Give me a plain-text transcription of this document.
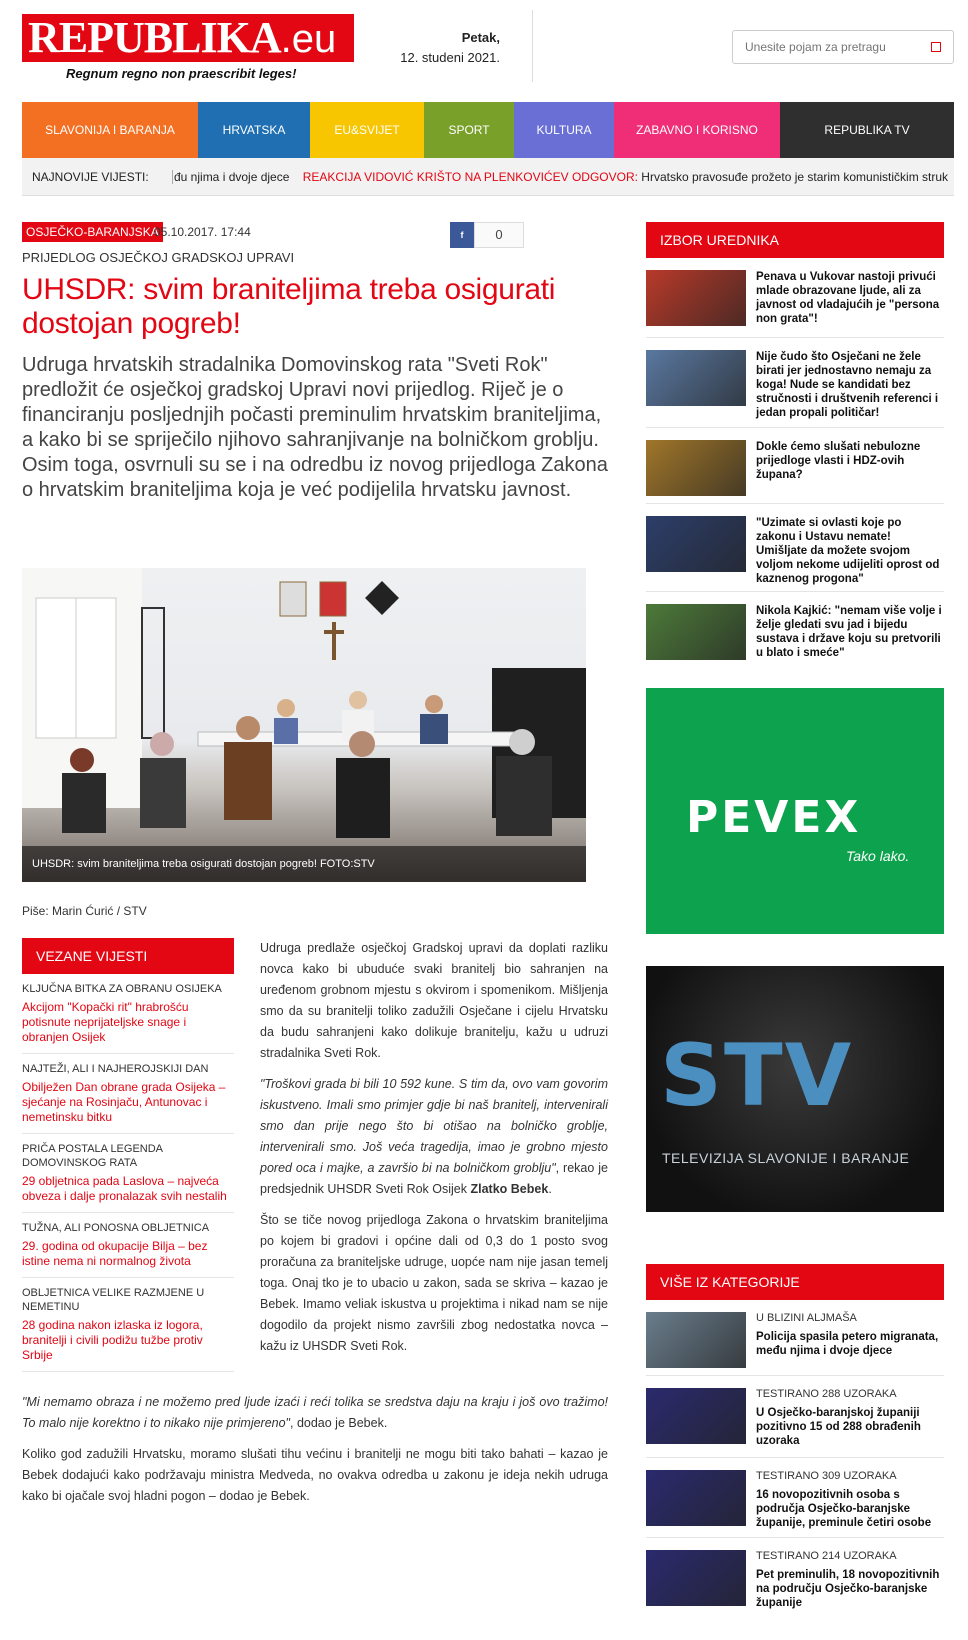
REPUBLIKA.eu
Regnum regno non praescribit leges!
Petak,
12. studeni 2021.
Unesite pojam za pretragu
SLAVONIJA I BARANJA	HRVATSKA	EU&SVIJET	SPORT	KULTURA	ZABAVNO I KORISNO	REPUBLIKA TV
NAJNOVIJE VIJESTI: đu njima i dvoje djece REAKCIJA VIDOVIĆ KRIŠTO NA PLENKOVIĆEV ODGOVOR: Hrvatsko pravosuđe prožeto je starim komunističkim struk
OSJEČKO-BARANJSKA
05.10.2017. 17:44	f	0
PRIJEDLOG OSJEČKOJ GRADSKOJ UPRAVI
UHSDR: svim braniteljima treba osigurati dostojan pogreb!
Udruga hrvatskih stradalnika Domovinskog rata "Sveti Rok" predložit će osječkoj gradskoj Upravi novi prijedlog. Riječ je o financiranju posljednjih počasti preminulim hrvatskim braniteljima, a kako bi se spriječilo njihovo sahranjivanje na bolničkom groblju. Osim toga, osvrnuli su se i na odredbu iz novog prijedloga Zakona o hrvatskim braniteljima koja je već podijelila hrvatsku javnost.
UHSDR: svim braniteljima treba osigurati dostojan pogreb! FOTO:STV
Piše: Marin Ćurić / STV
VEZANE VIJESTI
KLJUČNA BITKA ZA OBRANU OSIJEKA
Akcijom "Kopački rit" hrabrošću potisnute neprijateljske snage i obranjen Osijek
NAJTEŽI, ALI I NAJHEROJSKIJI DAN
Obilježen Dan obrane grada Osijeka – sjećanje na Rosinjaču, Antunovac i nemetinsku bitku
PRIČA POSTALA LEGENDA DOMOVINSKOG RATA
29 obljetnica pada Laslova – najveća obveza i dalje pronalazak svih nestalih
TUŽNA, ALI PONOSNA OBLJETNICA
29. godina od okupacije Bilja – bez istine nema ni normalnog života
OBLJETNICA VELIKE RAZMJENE U NEMETINU
28 godina nakon izlaska iz logora, branitelji i civili podižu tužbe protiv Srbije

Udruga predlaže osječkoj Gradskoj upravi da doplati razliku novca kako bi ubuduće svaki branitelj bio sahranjen na uređenom grobnom mjestu s okvirom i spomenikom. Mišljenja smo da su branitelji toliko zadužili Osječane i cijelu Hrvatsku da budu sahranjeni kako dolikuje branitelju, kažu u udruzi stradalnika Sveti Rok.

"Troškovi grada bi bili 10 592 kune. S tim da, ovo vam govorim iskustveno. Imali smo primjer gdje bi naš branitelj, intervenirali smo dan prije nego što bi otišao na bolničko groblje, intervenirali smo. Još veća tragedija, imao je grobno mjesto pored oca i majke, a završio bi na bolničkom groblju", rekao je predsjednik UHSDR Sveti Rok Osijek Zlatko Bebek.

Što se tiče novog prijedloga Zakona o hrvatskim braniteljima po kojem bi gradovi i općine dali od 0,3 do 1 posto svog proračuna za braniteljske udruge, uopće nam nije jasan temelj toga. Onaj tko je to ubacio u zakon, sada se skriva – kazao je Bebek. Imamo veliak iskustva u projektima i nikad nam se nije dogodilo da projekt nismo završili zbog nedostatka novca – kažu iz UHSDR Sveti Rok.

"Mi nemamo obraza i ne možemo pred ljude izaći i reći tolika se sredstva daju na kraju i još ovo tražimo! To malo nije korektno i to nikako nije primjereno", dodao je Bebek.

Koliko god zadužili Hrvatsku, moramo slušati tihu većinu i branitelji ne mogu biti tako bahati – kazao je Bebek dodajući kako podržavaju ministra Medveda, no ovakva odredba u zakonu je ideja nekih udruga kako bi ojačale svoj hladni pogon – dodao je Bebek.

IZBOR UREDNIKA
Penava u Vukovar nastoji privući mlade obrazovane ljude, ali za javnost od vladajućih je "persona non grata"!
Nije čudo što Osječani ne žele birati jer jednostavno nemaju za koga! Nude se kandidati bez stručnosti i društvenih referenci i jedan propali političar!
Dokle ćemo slušati nebulozne prijedloge vlasti i HDZ-ovih župana?
"Uzimate si ovlasti koje po zakonu i Ustavu nemate! Umišljate da možete svojom voljom nekome udijeliti oprost od kaznenog progona"
Nikola Kajkić: "nemam više volje i želje gledati svu jad i bijedu sustava i države koju su pretvorili u blato i smeće"
PEVEX
Tako lako.
STV
TELEVIZIJA SLAVONIJE I BARANJE
VIŠE IZ KATEGORIJE
U BLIZINI ALJMAŠA
Policija spasila petero migranata, među njima i dvoje djece
TESTIRANO 288 UZORAKA
U Osječko-baranjskoj županiji pozitivno 15 od 288 obrađenih uzoraka
TESTIRANO 309 UZORAKA
16 novopozitivnih osoba s područja Osječko-baranjske županije, preminule četiri osobe
TESTIRANO 214 UZORAKA
Pet preminulih, 18 novopozitivnih na području Osječko-baranjske županije
